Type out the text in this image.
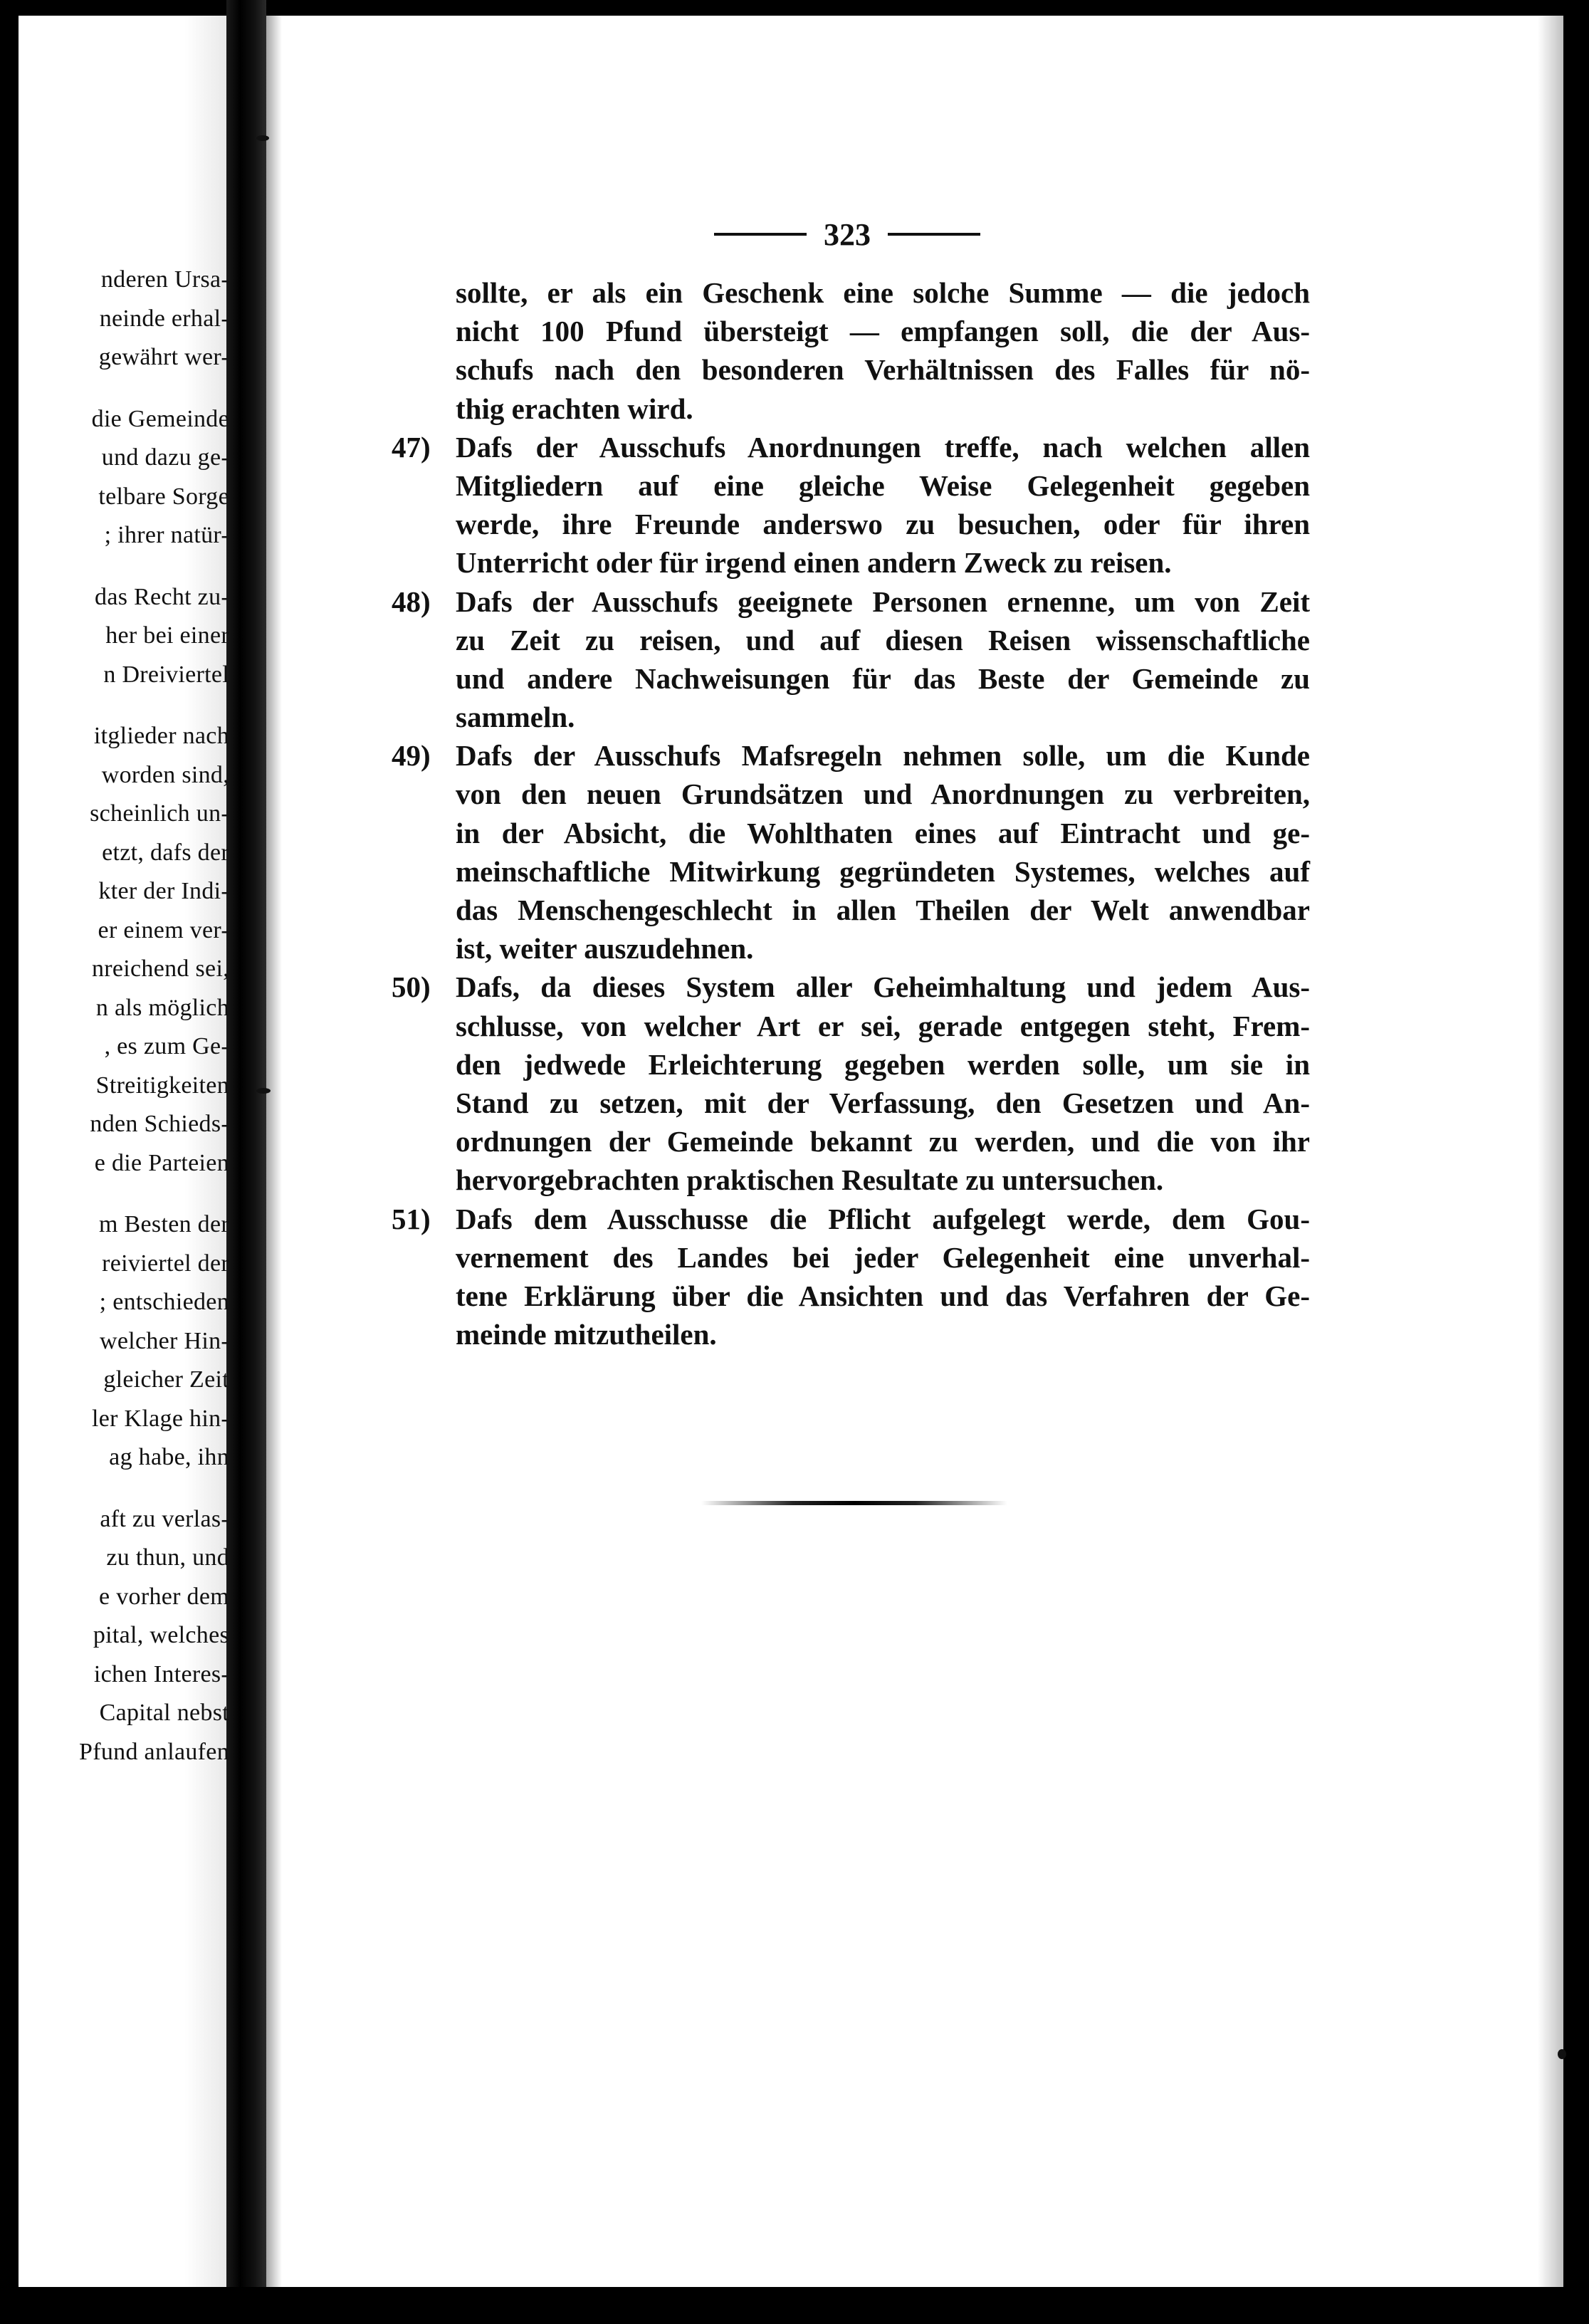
nderen Ursa-
neinde erhal-
gewährt wer-
die Gemeinde
und dazu ge-
telbare Sorge
; ihrer natür-
das Recht zu-
her bei einer
n Dreiviertel
itglieder nach
worden sind,
scheinlich un-
etzt, dafs der
kter der Indi-
er einem ver-
nreichend sei,
n als möglich
, es zum Ge-
Streitigkeiten
nden Schieds-
e die Parteien
m Besten der
reiviertel der
; entschieden
welcher Hin-
gleicher Zeit
ler Klage hin-
ag habe, ihn
aft zu verlas-
zu thun, und
e vorher dem
pital, welches
ichen Interes-
Capital nebst
Pfund anlaufen
323
sollte, er als ein Geschenk eine solche Summe — die jedoch
nicht 100 Pfund übersteigt — empfangen soll, die der Aus-
schufs nach den besonderen Verhältnissen des Falles für nö-
thig erachten wird.
47) Dafs der Ausschufs Anordnungen treffe, nach welchen allen
Mitgliedern auf eine gleiche Weise Gelegenheit gegeben
werde, ihre Freunde anderswo zu besuchen, oder für ihren
Unterricht oder für irgend einen andern Zweck zu reisen.
48) Dafs der Ausschufs geeignete Personen ernenne, um von Zeit
zu Zeit zu reisen, und auf diesen Reisen wissenschaftliche
und andere Nachweisungen für das Beste der Gemeinde zu
sammeln.
49) Dafs der Ausschufs Mafsregeln nehmen solle, um die Kunde
von den neuen Grundsätzen und Anordnungen zu verbreiten,
in der Absicht, die Wohlthaten eines auf Eintracht und ge-
meinschaftliche Mitwirkung gegründeten Systemes, welches auf
das Menschengeschlecht in allen Theilen der Welt anwendbar
ist, weiter auszudehnen.
50) Dafs, da dieses System aller Geheimhaltung und jedem Aus-
schlusse, von welcher Art er sei, gerade entgegen steht, Frem-
den jedwede Erleichterung gegeben werden solle, um sie in
Stand zu setzen, mit der Verfassung, den Gesetzen und An-
ordnungen der Gemeinde bekannt zu werden, und die von ihr
hervorgebrachten praktischen Resultate zu untersuchen.
51) Dafs dem Ausschusse die Pflicht aufgelegt werde, dem Gou-
vernement des Landes bei jeder Gelegenheit eine unverhal-
tene Erklärung über die Ansichten und das Verfahren der Ge-
meinde mitzutheilen.
